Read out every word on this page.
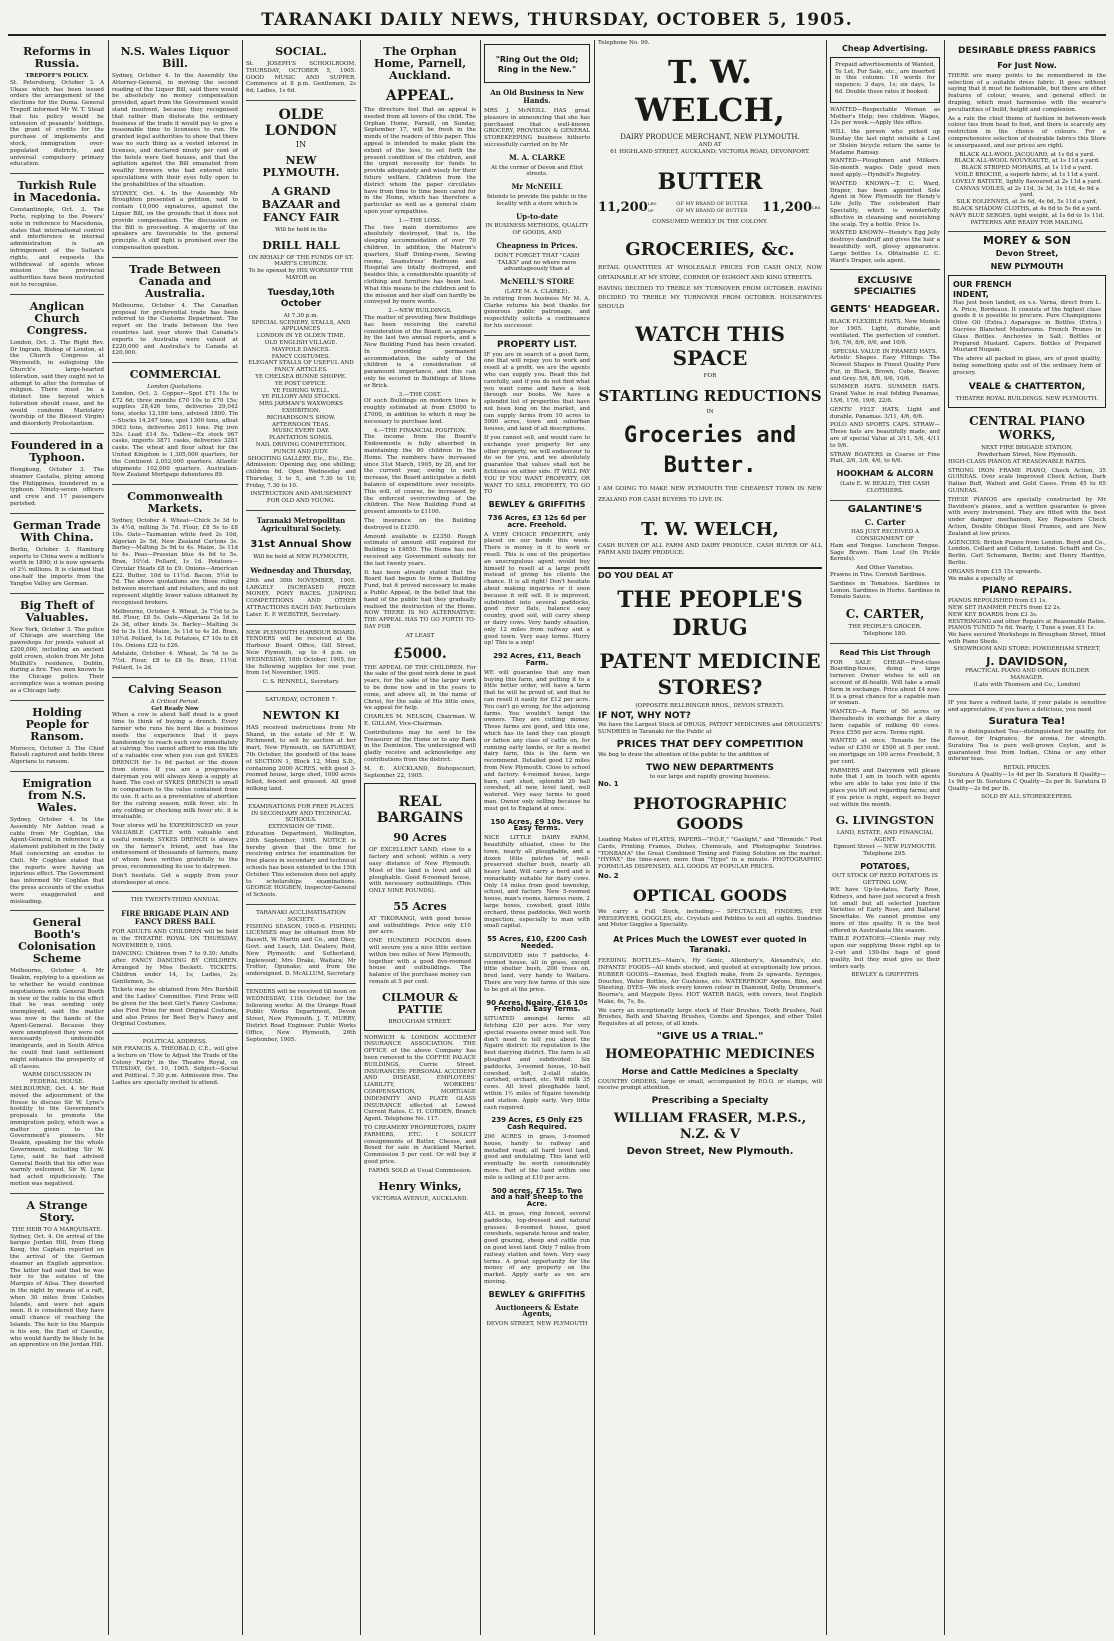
TARANAKI DAILY NEWS, THURSDAY, OCTOBER 5, 1905.
Reforms in Russia.
TREPOFF'S POLICY.

St. Petersburg, October 3. A Ukase which has been issued orders the arrangement of the elections for the Duma. General Trepoff informed Mr W. T. Stead that his policy would be extension of peasants' holdings, the grant of credits for the purchase of implements and stock, immigration over-populated districts, and universal compulsory primary education.

Turkish Rule in Macedonia.

Constantinople, Oct. 3. The Porte, replying to the Powers' note in reference to Macedonia, states that international control and interference in internal administration is an infringement of the Sultan's rights, and requests the withdrawal of agents whose mission the provincial authorities have been instructed not to recognise.

Anglican Church Congress.

London, Oct. 3. The Right Rev. Dr Ingram, Bishop of London, at the Church Congress at Weymouth, in eulogising the Church's large-hearted toleration, said they ought not to attempt to alter the formulas of religion. There must be a distinct line beyond which toleration should cease, and he would condemn Mariolatry (worship of the Blessed Virgin) and disorderly Protestantism.

Foundered in a Typhoon.

Hongkong, October 3. The steamer Castalia, plying among the Philippines, foundered in a typhoon. Ninety-seven officers and crew and 17 passengers perished.

German Trade With China.

Berlin, October 3. Hamburg exports to China were a million's worth in 1890; it is now upwards of 2½ millions. It is claimed that one-half the imports from the Yangtse Valley are German.

Big Theft of Valuables.

New York, October 3. The police of Chicago are searching the pawnshops for jewels valued at £200,000, including an ancient gold crown, stolen from Mr John Mullhill's residence, Dublin, during a fire. Two men known to the Chicago police. Their accomplice was a woman posing as a Chicago lady.

Holding People for Ransom.

Morocco, October 3. The Chief Raisuli captured and holds three Algerians to ransom.

Emigration from N.S. Wales.

Sydney, October 4. In the Assembly Mr Ashton read a cable from Mr Coghlan, the Agent-General, in reference to a statement published in the Daily Mail concerning an exodus to Chili. Mr Coghlan stated that the reports were having an injurious effect. The Government has informed Mr Coghlan that the press accounts of the exodus were exaggerated and misleading.

General Booth's Colonisation Scheme

Melbourne, October 4. Mr Deakin, replying to a question as to whether he would continue negotiations with General Booth in view of the cable to the effect that he was sending only unemployed, said the matter was now in the hands of the Agent-General. Because they were unemployed they were not necessarily undesirable immigrants, and in South Africa he could find land settlement might enhance the prosperity of all classes.

WARM DISCUSSION IN FEDERAL HOUSE.

MELBOURNE, Oct. 4. Mr Reid moved the adjournment of the House to discuss Sir W. Lyne's hostility to the Government's proposals to promote the immigration policy, which was a matter given to the Government's pioneers. Mr Deakin, speaking for the whole Government, including Sir W. Lyne, said he had advised General Booth that his offer was warmly welcomed. Sir W. Lyne had acted injudiciously. The motion was negatived.

A Strange Story.
THE HEIR TO A MARQUISATE.

Sydney, Oct. 4. On arrival of the barque Jordan Hill, from Hong Kong, the Captain reported on the arrival of the German steamer an English apprentice. The latter had said that he was heir to the estates of the Marquis of Ailsa. They deserted in the night by means of a raft, when 30 miles from Celebes Islands, and were not again seen. It is considered they have small chance of reaching the Islands. The heir to the Marquis is his son, the Earl of Cassilis, who would hardly be likely to be an apprentice on the Jordan Hill.

N.S. Wales Liquor Bill.

Sydney, October 4. In the Assembly the Attorney-General, in moving the second reading of the Liquor Bill, said there would be absolutely no money compensation provided, apart from the Government would stand insolvent, because they recognised that rather than dislocate the ordinary business of the trade it would pay to give a reasonable time to licensees to run. He granted legal authorities to show that there was no such thing as a vested interest in licenses, and declared ninety per cent of the hotels were tied houses, and that the agitation against the Bill emanated from wealthy brewers who had entered into speculations with their eyes fully open to the probabilities of the situation.

SYDNEY, Oct. 4. In the Assembly Mr Broughton presented a petition, said to contain 10,000 signatures, against the Liquor Bill, on the grounds that it does not provide compensation. The discussion on the Bill is proceeding. A majority of the speakers are favourable to the general principle. A stiff fight is promised over the compensation question.

Trade Between Canada and Australia.

Melbourne, October 4. The Canadian proposal for preferential trade has been referred to the Customs Department. The report on the trade between the two countries last year shows that Canada's exports to Australia were valued at £220,000 and Australia's to Canada at £20,000.

COMMERCIAL
London Quotations.

London, Oct. 3. Copper—Spot £71 15s to £72 6d; three months £70 10s to £70 15s; supplies 28,426 tons, deliveries 29,042 tons, stocks 12,186 tons, advised 1800. Tin—Stocks 14,247 tons, spot 1300 tons, afloat 5063 tons, deliveries 2611 tons. Pig iron 52s. Lead £14 5s. Tallow—Ex stock 967 casks, imports 3871 casks, deliveries 3281 casks. The wheat and flour afloat for the United Kingdom is 1,305,000 quarters, for the Continent 2,052,000 quarters. Atlantic shipments 102,000 quarters. Australian-New Zealand Mortgage debentures 89.

Commonwealth Markets.

Sydney, October 4. Wheat—Chick 3s 3d to 3s 4½d, milling 3s 7d. Flour, £8 5s to £8 10s. Oats—Tasmanian white feed 2s 10d, Algerian 2s 5d, New Zealand Cartons 3s. Barley—Malting 3s 9d to 4s. Maize, 3s 11d to 4s. Peas—Prussian blue 4s 6d to 5s. Bran, 10½d. Pollard, 1s 1d. Potatoes—Circular Heads £8 to £9. Onions—American £22. Butter, 10d to 11½d. Bacon, 5½d to 7d. The above quotations are those ruling between merchant and retailers, and do not represent slightly lower values obtained by recognised brokers.

Melbourne, October 4. Wheat, 3s 7½d to 3s 8d. Flour, £8 5s. Oats—Algerians 2s 1d to 2s 3d, other kinds 3s. Barley—Malting 3s 9d to 3s 11d. Maize, 3s 11d to 4s 2d. Bran, 10½d. Pollard, 1s 1d. Potatoes, £7 10s to £8 10s. Onions £22 to £26.

Adelaide, October 4. Wheat, 3s 7d to 3s 7½d. Flour, £8 to £8 5s. Bran, 11½d. Pollard, 1s 2d.

Calving Season
A Critical Period.
Get Ready Now

When a cow is about half dead is a good time to think of buying a drench. Every farmer who runs his herd like a business needs the experience that it pays handsomely to reach each cow immediately at calving. You cannot afford to risk the life of a valuable cow when you can get SYKES DRENCH for 1s 6d packet or the dozen from stores. If you are a progressive dairyman you will always keep a supply at hand. The cost of SYKES DRENCH is small in comparison to the value contained from its use. It acts as a preventative of abortion for the calving season, milk fever, etc. In any colding or chocking milk fever etc. it is invaluable.

Your stores will be EXPERIENCED on your VALUABLE CATTLE with valuable and useful remedy. SYKES DRENCH is always on the farmer's friend, and has the endorsement of thousands of farmers, many of whom have written gratefully to the press, recommending its use to dairymen.

Don't hesitate. Get a supply from your storekeeper at once.

THE TWENTY-THIRD ANNUAL
FIRE BRIGADE PLAIN AND FANCY DRESS BALL

FOR ADULTS AND CHILDREN will be held in the THEATRE ROYAL ON THURSDAY, NOVEMBER 9, 1905.

DANCING: Children from 7 to 9.30; Adults after. FANCY DANCING BY CHILDREN. Arranged by Miss Beckett. TICKETS: Children under 14, 1s; Ladies, 2s; Gentlemen, 3s.

Tickets may be obtained from Mrs Burkhill and the Ladies' Committee. First Prize will be given for the best Girl's Fancy Costume; also First Prize for most Original Costume, and also Prizes for Best Boy's Fancy and Original Costumes.

POLITICAL ADDRESS.

MR FRANCIS A. THEOBALD, C.E., will give a lecture on 'How to Adjust the Trade of the Colony Fairly' in the Theatre Royal, on TUESDAY, Oct. 10, 1905. Subject—Social and Political. 7.30 p.m. Admission free. The Ladies are specially invited to attend.

SOCIAL.

St. JOSEPH'S SCHOOLROOM, THURSDAY, OCTOBER 5, 1905. GOOD MUSIC AND SUPPER. Commence at 8 p.m. Gentlemen, 2s 6d; Ladies, 1s 6d.

OLDE LONDON
IN
NEW PLYMOUTH.
A GRAND BAZAAR and FANCY FAIR
Will be held in the
DRILL HALL
ON BEHALF OF THE FUNDS OF ST. MARY'S CHURCH.
To be opened by HIS WORSHIP THE MAYOR on
Tuesday,10th October
At 7.30 p.m.
SPECIAL SCENERY, STALLS, AND APPLIANCES
LONDON IN YE OLDEN TIME.
OLD ENGLISH VILLAGE.
MAYPOLE DANCES.
FANCY COSTUMES.
ELEGANT STALLS OF USEFUL AND FANCY ARTICLES.
YE CHELSEA BUNNE SHOPPE.
YE POST OFFICE.
YE FISHING WELL.
YE PILLORY AND STOCKS.
MRS JARMAN'S WAXWORKS EXHIBITION.
RICHARDSON'S SHOW.
AFTERNOON TEAS.
MUSIC EVERY DAY.
PLANTATION SONGS.
NAIL DRIVING COMPETITION.
PUNCH AND JUDY.
SHOOTING GALLERY. Etc., Etc., Etc.

Admission: Opening day, one shilling; children 6d. Open Wednesday and Thursday, 3 to 5, and 7.30 to 10; Friday, 7.30 to 10.

INSTRUCTION AND AMUSEMENT FOR OLD AND YOUNG.
Taranaki Metropolitan Agricultural Society.
31st Annual Show
Will be held at NEW PLYMOUTH,
Wednesday and Thursday,

29th and 30th NOVEMBER, 1905. LARGELY INCREASED PRIZE MONEY. PONY RACES. JUMPING COMPETITIONS AND OTHER ATTRACTIONS EACH DAY. Particulars Later. E. P. WEBSTER, Secretary.

NEW PLYMOUTH HARBOUR BOARD. TENDERS will be received at the Harbour Board Office, Gill Street, New Plymouth, up to 4 p.m. on WEDNESDAY, 18th October, 1905, for the following supplies for one year, from 1st November, 1905.

C. S. RENNELL, Secretary.
SATURDAY, OCTOBER 7.
NEWTON KI

HAS received instructions from Mr Shand, in the estate of Mr F. W. Richmond, to sell by auction at her mart, New Plymouth, on SATURDAY, 7th October, the goodwill of the lease of SECTION 1, Block 12, Mimi S.D., containing 2000 ACRES, with good 3-roomed house, large shed, 1000 acres felled, fenced and grassed. All good milking land.

EXAMINATIONS FOR FREE PLACES IN SECONDARY AND TECHNICAL SCHOOLS.
EXTENSION OF TIME.

Education Department, Wellington, 29th September, 1905. NOTICE is hereby given that the time for receiving entries for examination for free places in secondary and technical schools has been extended to the 15th October. This extension does not apply to scholarships examinations. GEORGE HOGBEN, Inspector-General of Schools.

TARANAKI ACCLIMATISATION SOCIETY.

FISHING SEASON, 1905-6. FISHING LICENSES may be obtained from Mr Bassett, W. Martin and Co., and Okey, Govt. and Leach, Ltd. Dealers; Reid, New Plymouth; and Sutherland, Inglewood; Mrs Drake, Waitara; Mr Trotter, Opunake; and from the undersigned. D. McALLUM, Secretary.

TENDERS will be received till noon on WEDNESDAY, 11th October, for the following works: At the Orange Road Public Works Department, Devon Street, New Plymouth. J. T. MURRY, District Road Engineer. Public Works Office, New Plymouth, 26th September, 1905.

The Orphan Home, Parnell, Auckland.
APPEAL.

The directors feel that an appeal is needed from all lovers of the child. The Orphan Home, Parnell, on Sunday, September 17, will be fresh in the minds of the readers of this paper. This appeal is intended to make plain the extent of the loss, to set forth the present condition of the children, and the urgent necessity for funds to provide adequately and wisely for their future welfare. Children from the district whom the paper circulates have from time to time been cared for in the Home, which has therefore a particular as well as a general claim upon your sympathies.

1.—THE LOSS.

The two main dormitories are absolutely destroyed, that is, the sleeping accommodation of over 70 children. In addition, the Matron's quarters, Staff Dining-room, Sewing rooms, Seamstress' Bedroom and Hospital are totally destroyed, and besides this, a considerable quantity of clothing and furniture has been lost. What this means to the children and to the mission and her staff can hardly be conveyed by mere words.

2.—NEW BUILDINGS.

The matter of providing New Buildings has been receiving the careful consideration of the Board, as appears by the last two annual reports, and a New Building Fund has been created. In providing permanent accommodation, the safety of the children is a consideration of paramount importance, and this can only be secured in Buildings of Stone or Brick.

3.—THE COST.

Of such Buildings on modern lines is roughly estimated at from £5000 to £7000, in addition to which it may be necessary to purchase land.

4.—THE FINANCIAL POSITION.

The income from the Board's Endowments is fully absorbed in maintaining the 80 children in the Home. The numbers have increased since 31st March, 1905, by 28, and for the current year, owing to such increase, the Board anticipates a debit balance of expenditure over receipts. This will, of course, be increased by the enforced overcrowding of the children. The New Building Fund at present amounts to £1100.

The insurance on the Building destroyed is £1250.

Amount available is £2350. Rough estimate of amount still required for Building is £4650. The Home has not received any Government subsidy for the last twenty years.

It has been already stated that the Board had begun to form a Building Fund, but it proved necessary to make a Public Appeal, in the belief that the hand of the public had they gradually realised the destruction of the Home. NOW THERE IS NO ALTERNATIVE: THE APPEAL HAS TO GO FORTH TO-DAY FOR

AT LEAST
£5000.

THE APPEAL OF THE CHILDREN. For the sake of the good work done in past years, for the sake of the larger work to be done now and in the years to come, and above all, in the name of Christ, for the sake of His little ones, we appeal for help.

CHARLES M. NELSON, Chairman. W. E. GILLAM, Vice-Chairman.

Contributions may be sent to the Treasurer of the Home or to any Bank in the Dominion. The undersigned will gladly receive and acknowledge any contributions from the district.

M. E. AUCKLAND, Bishopscourt, September 22, 1905.

REAL BARGAINS
90 Acres

OF EXCELLENT LAND, close to a factory and school; within a very easy distance of New Plymouth. Most of the land is level and all ploughable. Good 6-roomed house, with necessary outbuildings. (This ONLY NINE POUNDS).

55 Acres

AT TIKORANGI, with good house and outbuildings. Price only £10 per acre.

ONE HUNDRED POUNDS down will secure you a nice little section within two miles of New Plymouth, together with a good five-roomed house and outbuildings. The balance of the purchase money can remain at 5 per cent.

CILMOUR & PATTIE
BROUGHAM STREET.

NORWICH & LONDON ACCIDENT INSURANCE ASSOCIATION. THE OFFICE of the above Company has been removed to the COFFEE PALACE BUILDINGS, Currie Street. INSURANCES: PERSONAL ACCIDENT AND DISEASE, EMPLOYERS' LIABILITY, WORKERS' COMPENSATION, MORTGAGE INDEMNITY AND PLATE GLASS INSURANCE effected at Lowest Current Rates. C. H. CORDEN, Branch Agent. Telephone No. 117.

TO CREAMERY PROPRIETORS, DAIRY FARMERS, ETC. I SOLICIT consignments of Butter, Cheese, and Boxed for sale in Auckland Market. Commission 5 per cent. Or will buy if good price.

FARMS SOLD at Usual Commission.
Henry Winks,
VICTORIA AVENUE, AUCKLAND.
"Ring Out the Old; Ring in the New."
An Old Business in New Hands.

MRS J. McNEILL HAS great pleasure in announcing that she has purchased that well-known GROCERY, PROVISION & GENERAL STOREKEEPING business hitherto successfully carried on by Mr

M. A. CLARKE
At the corner of Devon and Eliot streets.
Mr McNEILL
Intends to provide the public in the locality with a store which is
Up-to-date
IN BUSINESS METHODS, QUALITY OF GOODS, AND
Cheapness in Prices.
DON'T FORGET THAT "CASH TALKS" and no where more advantageously than at
McNEILL'S STORE
(LATE M. A. CLARKE).

In retiring from business Mr M. A. Clarke returns his best thanks for generous public patronage, and respectfully solicits a continuance for his successor.

PROPERTY LIST.

IF you are in search of a good farm, one that will repay you to work and resell at a profit, we are the agents who can supply you. Read this list carefully, and if you do not find what you want come and have a look through our books. We have a splendid list of properties that have not been long on the market, and can supply farms from 10 acres to 5000 acres, town and suburban houses, and land of all descriptions.

If you cannot sell, and would care to exchange your property for any other property, we will endeavour to do so for you, and we absolutely guarantee that values shall not be fictitious on either side. IT WILL PAY YOU IF YOU WANT PROPERTY, OR WANT TO SELL PROPERTY, TO GO TO

BEWLEY & GRIFFITHS
736 Acres, £3 12s 6d per acre. Freehold.

A VERY CHOICE PROPERTY, only placed on our hands this week. There is money in it to work or resell. This is one of the properties an unscrupulous agent would buy himself to resell at a large profit instead of giving his clients the chance. It is all right! Don't hesitate about making inquiries or it soon because it will sell. It is improved, subdivided into several paddocks, good river flats, balance easy country, good soil, will carry sheep or dairy cows. Very handy situation, only 12 miles from railway and a good town. Very easy terms. Hurry up! This is a snip!

292 Acres, £11, Beach Farm.

WE will guarantee that any man buying this farm, and putting it to a little better order, will have a farm that he will be proud of, and that he can resell it easily for £12 per acre. You can't go wrong, for the adjoining farms. You wouldn't tempt the owners. They are cutting money. These farms are good, and this one, which has its land they can plough or fatten any class of cattle on, for running early lambs, or for a model dairy farm, this is the farm we recommend. Detailed good 12 miles from New Plymouth. Close to school and factory. 4-roomed house, large barn, cart shed, splendid 20 ball cowshed, all new, level land, well watered. Very easy terms to good man. Owner only selling because he must get to England at once.

150 Acres, £9 10s. Very Easy Terms.

NICE LITTLE DAIRY FARM, beautifully situated, close to the town, nearly all ploughable, and a dozen little patches of well-preserved shelter bush, nearly all heavy land. Will carry a herd and is remarkably suitable for dairy cows. Only 14 miles from good township, school, and factory. New 5-roomed house, man's rooms, harness room, 2 large boxes, cowshed, good little orchard, three paddocks. Well worth inspection, especially to man with small capital.

55 Acres, £10, £200 Cash Needed.

SUBDIVIDED into 7 paddocks, 4-roomed house, all in grass, except little shelter bush, 200 trees on, bred land, very handy to Waitara. There are very few farms of this size to be got at the price.

90 Acres, Ngaire, £16 10s Freehold. Easy Terms.

SITUATED amongst farms all fetching £20 per acre. For very special reasons owner must sell. You don't need to tell you about the Ngaire district: its reputation is the best dairying district. The farm is all ploughed and subdivided. Six paddocks, 3-roomed house, 10-bail cowshed, loft, 2-stall stable, cartshed, orchard, etc. Will milk 35 cows. All level ploughable land, within 1½ miles of Ngaire township and station. Apply early. Very little cash required.

239 Acres, £5 Only £25 Cash Required.

200 ACRES in grass, 3-roomed house, handy to railway and metalled road; all hard level land, good and undulating. This land will eventually be worth considerably more. Part of the land within one mile is selling at £10 per acre.

500 acres, £7 15s. Two and a half Sheep to the Acre.

ALL in grass, ring fenced, several paddocks, top-dressed and natural grasses; 8-roomed house, good cowsheds, separate house and water, good grazing, sheep and cattle run on good level land. Only 7 miles from railway station and town. Very easy terms. A great opportunity for the money of any property on the market. Apply early as we are moving.

BEWLEY & GRIFFITHS
Auctioneers & Estate Agents,
DEVON STREET, NEW PLYMOUTH
Telephone No. 99.
T. W. WELCH,
DAIRY PRODUCE MERCHANT, NEW PLYMOUTH.
AND AT
61 HIGHLAND STREET, AUCKLAND; VICTORIA ROAD, DEVONPORT.
BUTTER
11,200 LBS. OF
OF MY BRAND OF BUTTER
OF MY BRAND OF BUTTER	11,200 LBS.
CONSUMED WEEKLY IN THE COLONY.
GROCERIES, &c.

RETAIL QUANTITIES AT WHOLESALE PRICES FOR CASH ONLY, NOW OBTAINABLE AT MY STORE, CORNER OF EGMONT AND KING STREETS.

HAVING DECIDED TO TREBLE MY TURNOVER FROM OCTOBER. HAVING DECIDED TO TREBLE MY TURNOVER FROM OCTOBER. HOUSEWIVES SHOULD

WATCH THIS SPACE
FOR
STARTLING REDUCTIONS
IN
Groceries and Butter.

I AM GOING TO MAKE NEW PLYMOUTH THE CHEAPEST TOWN IN NEW ZEALAND FOR CASH BUYERS TO LIVE IN.

T. W. WELCH,

CASH BUYER OF ALL FARM AND DAIRY PRODUCE. CASH BUYER OF ALL FARM AND DAIRY PRODUCE.

DO YOU DEAL AT
THE PEOPLE'S DRUG
PATENT MEDICINE STORES?
(OPPOSITE BELLRINGER BROS., DEVON STREET).
IF NOT, WHY NOT?

We have the Largest Stock of DRUGS, PATENT MEDICINES and DRUGGISTS' SUNDRIES in Taranaki for the Public at

PRICES THAT DEFY COMPETITION

We beg to draw the attention of the public to the addition of

TWO NEW DEPARTMENTS
to our large and rapidly growing business.
No. 1
PHOTOGRAPHIC GOODS

Leading Makes of PLATES, PAPERS—"P.O.P.," "Gaslight," and "Bromide." Post Cards, Printing Frames, Dishes, Chemicals, and Photographic Sundries. "TONBANA" the Great Combined Toning and Fixing Solution on the market. "HYPAX" the time-saver, more than "Hypo" in a minute. PHOTOGRAPHIC FORMULAS DISPENSED. ALL GOODS AT POPULAR PRICES.

No. 2
OPTICAL GOODS

We carry a Full Stock, including:— SPECTACLES, FINDERS, EYE PRESERVERS, GOGGLES, etc. Crystals and Pebbles to suit all sights. Sundries and Motor Goggles a Speciality.

At Prices Much the LOWEST ever quoted in Taranaki.

FEEDING BOTTLES—Mam's, Hy Genic, Allenbury's, Alexandra's, etc. INFANTS' FOODS—All kinds stocked, and quoted at exceptionally low prices. RUBBER GOODS—Enemas, best English make, from 2s upwards. Syringes, Douches, Water Bottles, Air Cushions, etc. WATERPROOF Aprons, Bibs, and Sheeting. DYES—We stock every known colour in Diamond, Dolly, Drummer's, Bourne's, and Maypole Dyes. HOT WATER BAGS, with covers, best English Make, 6s, 7s, 8s.

We carry an exceptionally large stock of Hair Brushes, Tooth Brushes, Nail Brushes, Bath and Shaving Brushes, Combs and Sponges, and other Toilet Requisites at all prices, of all kinds.

"GIVE US A TRIAL."
HOMEOPATHIC MEDICINES
Horse and Cattle Medicines a Specialty

COUNTRY ORDERS, large or small, accompanied by P.O.O. or stamps, will receive prompt attention.

Prescribing a Specialty
WILLIAM FRASER, M.P.S., N.Z. & V
Devon Street, New Plymouth.
Cheap Advertising.

Prepaid advertisements of Wanted, To Let, For Sale, etc., are inserted in this column: 16 words for sixpence; 3 days, 1s; six days, 1s 6d. Double these rates if booked.

WANTED—Respectable Woman as Mother's Help; two children. Wages, 12s per week.—Apply this office.

WILL the person who picked up Sunday the last night outside a Lost or Stolen bicycle return the same to Madame Ramsay.

WANTED—Ploughmen and Milkers. Six-month wages. Only good men need apply.—Hyndell's Registry.

WANTED KNOWN—T. C. Ward, Draper, has been appointed Sole Agent in New Plymouth for Hendy's Life Jelly. The celebrated Hair Speciality, which is wonderfully effective in cleansing and nourishing the scalp. Try a bottle. Price 1s.

WANTED KNOWN—Hendy's Egg Jelly destroys dandruff and gives the hair a beautifully soft, glossy appearance. Large bottles 1s. Obtainable C. C. Ward's Draper, sole agent.

EXCLUSIVE SPECIALTIES
GENTS' HEADGEAR.

BLACK FLEXIBLE HATS, New Models for 1905. Light, durable, and ventilated. The perfection of comfort. 5/6, 7/6, 8/6, 9/6, and 10/6.

SPECIAL VALUE IN FRAMED HATS.

Artistic Shapes. Easy Fittings. The Newest Shapes in Finest Quality Pure Fur, in Black, Brown, Cube, Beaver, and Grey. 5/6, 8/6, 9/6, 10/6.

SUMMER HATS. SUMMER HATS. Grand Value in real folding Panamas, 15/6, 17/6, 19/6, 22/6.

GENTS' FELT HATS. Light and durable. Panamas. 3/11, 4/6, 6/6.

POLO AND SPORTS CAPS. STRAW—These hats are beautifully made, and are of special Value at 3/11, 5/6, 4/11 to 9/6.

STRAW BOATERS in Coarse or Fine Plait, 2/6, 3/6, 4/6, to 6/6.

HOOKHAM & ALCORN
(Late E. W. BEALE), THE CASH CLOTHIERS.
GALANTINE'S
C. Carter
HAS JUST RECEIVED A CONSIGNMENT OF

Ham and Tongue. Luncheon Tongue. Sage Brawn. Ham Loaf (In Pickle Kernels).

And Other Varieties.

Prawns in Tins. Cornish Sardines.

Sardines in Tomatoes. Sardines in Lemon. Sardines in Herbs. Sardines in Tomato Sauce.

C. CARTER,
THE PEOPLE'S GROCER.
Telephone 180.
Read This List Through

FOR SALE CHEAP.—First-class Boarding-house, doing a large turnover. Owner wishes to sell on account of ill-health. Will take a small farm in exchange. Price about £4 now. It is a great chance for a capable man or woman.

WANTED—A Farm of 50 acres or thereabouts in exchange for a dairy farm capable of milking 60 cows. Price £550 per acre. Terms right.

WANTED at once. Tenants for the value of £350 or £500 at 5 per cent. on mortgage on 100 acres Freehold, 5 per cent.

FARMERS and Dairymen will please note that I am in touch with agents who are able to take you into if the place you lift out regarding farms; and if you price is right, expect no buyer out within the month.

G. LIVINGSTON
LAND, ESTATE, AND FINANCIAL AGENT.
Egmont Street — NEW PLYMOUTH. Telephone 295.
POTATOES,
OUT STOCK OF REED POTATOES IS GETTING LOW.

WE have Up-to-dates, Early Rose, Kidneys, and have just secured a fresh lot small but all selected Junction Varieties of Early Rose, and Ballarat Snowflake. We cannot promise any more of this quality. It is the best offered in Australasia this season.

TABLE POTATOES—Clients may rely upon our supplying these right up to 2-cwt and 150-lbs bags of good quality, but they must give us their orders early.

BEWLEY & GRIFFITHS
DESIRABLE DRESS FABRICS
For Just Now.

THERE are many points to be remembered in the selection of a suitable dress fabric. It goes without saying that it must be fashionable, but there are other features of colour, weave, and general effect in draping, which must harmonise with the wearer's peculiarities of build, height and complexion.

As a rule the chief theme of fashion in between-week colour ties from head to foot, and there is scarcely any restriction in the choice of colours. For a comprehensive selection of desirable fabrics this Store is unsurpassed, and our prices are right.

BLACK ALL-WOOL JACQUARD, at 1s 6d a yard.
BLACK ALL-WOOL NOUVEAUTE, at 1s 11d a yard.
BLACK STRIPED MOHAIRS, at 1s 11d a yard.
VOILE BROCHE, a superb fabric, at 1s 11d a yard.
LOVELY BATISTE, lightly flavoured at 2s 11d a yard.
CANVAS VOILES, at 2s 11d, 3s 3d, 3s 11d, 4s 9d a yard.
SILK EOLIENNES, at 3s 6d, 4s 6d, 5s 11d a yard.
BLACK SHADOW CLOTHS, at 4s 6d to 5s 6d a yard.
NAVY BLUE SERGES, light weight, at 1s 6d to 1s 11d.
PATTERNS ARE READY FOR MAILING.
MOREY & SON
Devon Street,
NEW PLYMOUTH
OUR FRENCH INDENT,

Has just been landed, ex s.s. Varna, direct from L. A. Price, Bordeaux. It consists of the highest class goods it is possible to procure. Pure Champignons Olive Oil (Extra.) Asparagus in Bottles (Extra.) Sucrées Blanched Mushrooms. French Prunes in Glass Bottles. Anchovies in Salt. Bottles of Prepared Mustard. Capers. Bottles of Prepared Mustard Nugain.

The above all packed in glass, are of good quality, being something quite out of the ordinary form of grocery.

VEALE & CHATTERTON,
THEATRE ROYAL BUILDINGS. NEW PLYMOUTH.
CENTRAL PIANO WORKS,
NEXT FIRE BRIGADE STATION,
Powderham Street, New Plymouth.

HIGH-CLASS PIANOS AT REASONABLE RATES.

STRONG IRON FRAME PIANO, Check Action, 35 GUINEAS. Over scale Improved Check Action, Dark Italian Buff, Walnut and Gold Cases. From 45 to 65 GUINEAS.

THESE PIANOS are specially constructed by Mr Davidson's pianos, and a written guarantee is given with every instrument. They are fitted with the best under damper mechanism, Key Repeaters Check Action, Double Oblique Steel Frames, and are New Zealand at low prices.

AGENCIES: British Pianos from London. Boyd and Co., London. Collard and Collard, London. Schafft and Co., Berlin. Carl Schumann, Berlin; and Henry Hardtye, Berlin.

ORGANS from £15 15s upwards.
We make a specialty of
PIANO REPAIRS.
PIANOS REPOLISHED from £1 1s.
NEW SET HAMMER FELTS from £2 2s.
NEW KEY BOARDS from £3 3s.
RESTRINGING and other Repairs at Reasonable Rates.
PIANOS TUNED 7s 6d. Yearly, 1 Tune a year, £1 1s.
We have secured Workshops in Brougham Street, fitted with Piano Sheds.
SHOWROOM AND STORE: POWDERHAM STREET,
J. DAVIDSON,
PRACTICAL PIANO AND ORGAN BUILDER MANAGER.
(Late with Thomson and Co., London)

IF you have a refined taste, if your palate is sensitive and appreciative, if you have a delicious, you need

Suratura Tea!

It is a distinguished Tea—distinguished for quality, for flavour, for fragrance, for aroma, for strength. Suratura Tea is pure well-grown Ceylon, and is guaranteed free from Indian, China or any other inferior teas.

RETAIL PRICES.

Suratura A Quality—1s 4d per lb. Suratura B Quality—1s 9d per lb. Suratura C Quality—2s per lb. Suratura D Quality—2s 6d per lb.

SOLD BY ALL STOREKEEPERS.
